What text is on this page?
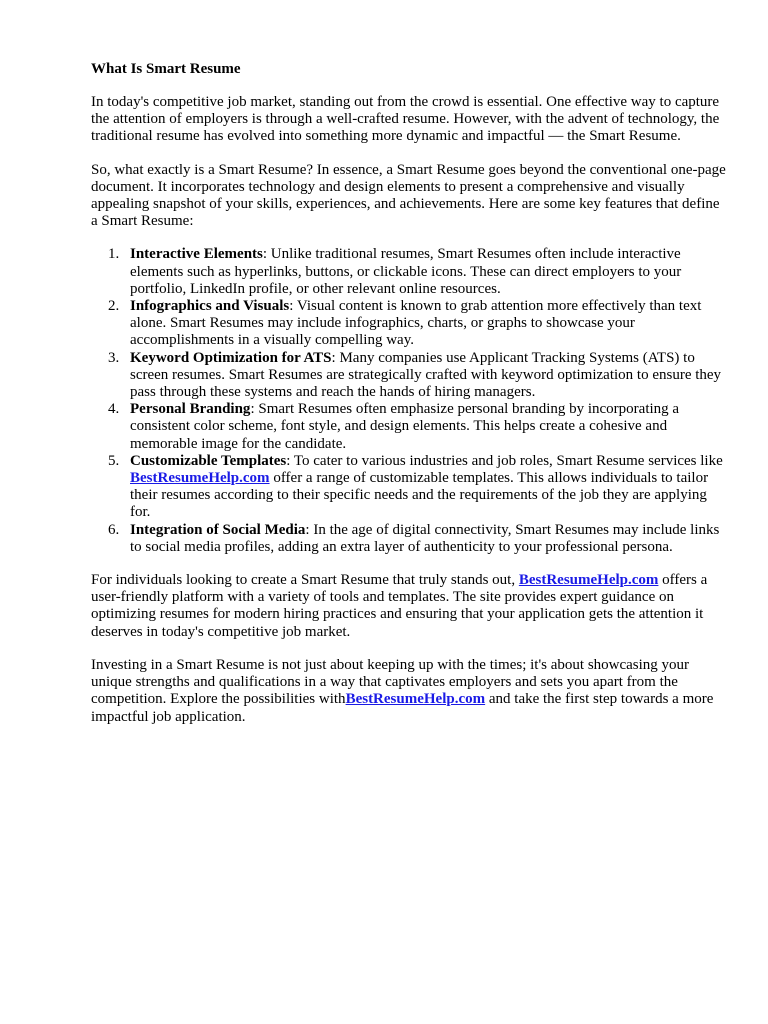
What Is Smart Resume

In today's competitive job market, standing out from the crowd is essential. One effective way to capture the attention of employers is through a well-crafted resume. However, with the advent of technology, the traditional resume has evolved into something more dynamic and impactful — the Smart Resume.

So, what exactly is a Smart Resume? In essence, a Smart Resume goes beyond the conventional one-page document. It incorporates technology and design elements to present a comprehensive and visually appealing snapshot of your skills, experiences, and achievements. Here are some key features that define a Smart Resume:

1. Interactive Elements: Unlike traditional resumes, Smart Resumes often include interactive elements such as hyperlinks, buttons, or clickable icons. These can direct employers to your portfolio, LinkedIn profile, or other relevant online resources.
2. Infographics and Visuals: Visual content is known to grab attention more effectively than text alone. Smart Resumes may include infographics, charts, or graphs to showcase your accomplishments in a visually compelling way.
3. Keyword Optimization for ATS: Many companies use Applicant Tracking Systems (ATS) to screen resumes. Smart Resumes are strategically crafted with keyword optimization to ensure they pass through these systems and reach the hands of hiring managers.
4. Personal Branding: Smart Resumes often emphasize personal branding by incorporating a consistent color scheme, font style, and design elements. This helps create a cohesive and memorable image for the candidate.
5. Customizable Templates: To cater to various industries and job roles, Smart Resume services like BestResumeHelp.com offer a range of customizable templates. This allows individuals to tailor their resumes according to their specific needs and the requirements of the job they are applying for.
6. Integration of Social Media: In the age of digital connectivity, Smart Resumes may include links to social media profiles, adding an extra layer of authenticity to your professional persona.

For individuals looking to create a Smart Resume that truly stands out, BestResumeHelp.com offers a user-friendly platform with a variety of tools and templates. The site provides expert guidance on optimizing resumes for modern hiring practices and ensuring that your application gets the attention it deserves in today's competitive job market.

Investing in a Smart Resume is not just about keeping up with the times; it's about showcasing your unique strengths and qualifications in a way that captivates employers and sets you apart from the competition. Explore the possibilities withBestResumeHelp.com and take the first step towards a more impactful job application.
